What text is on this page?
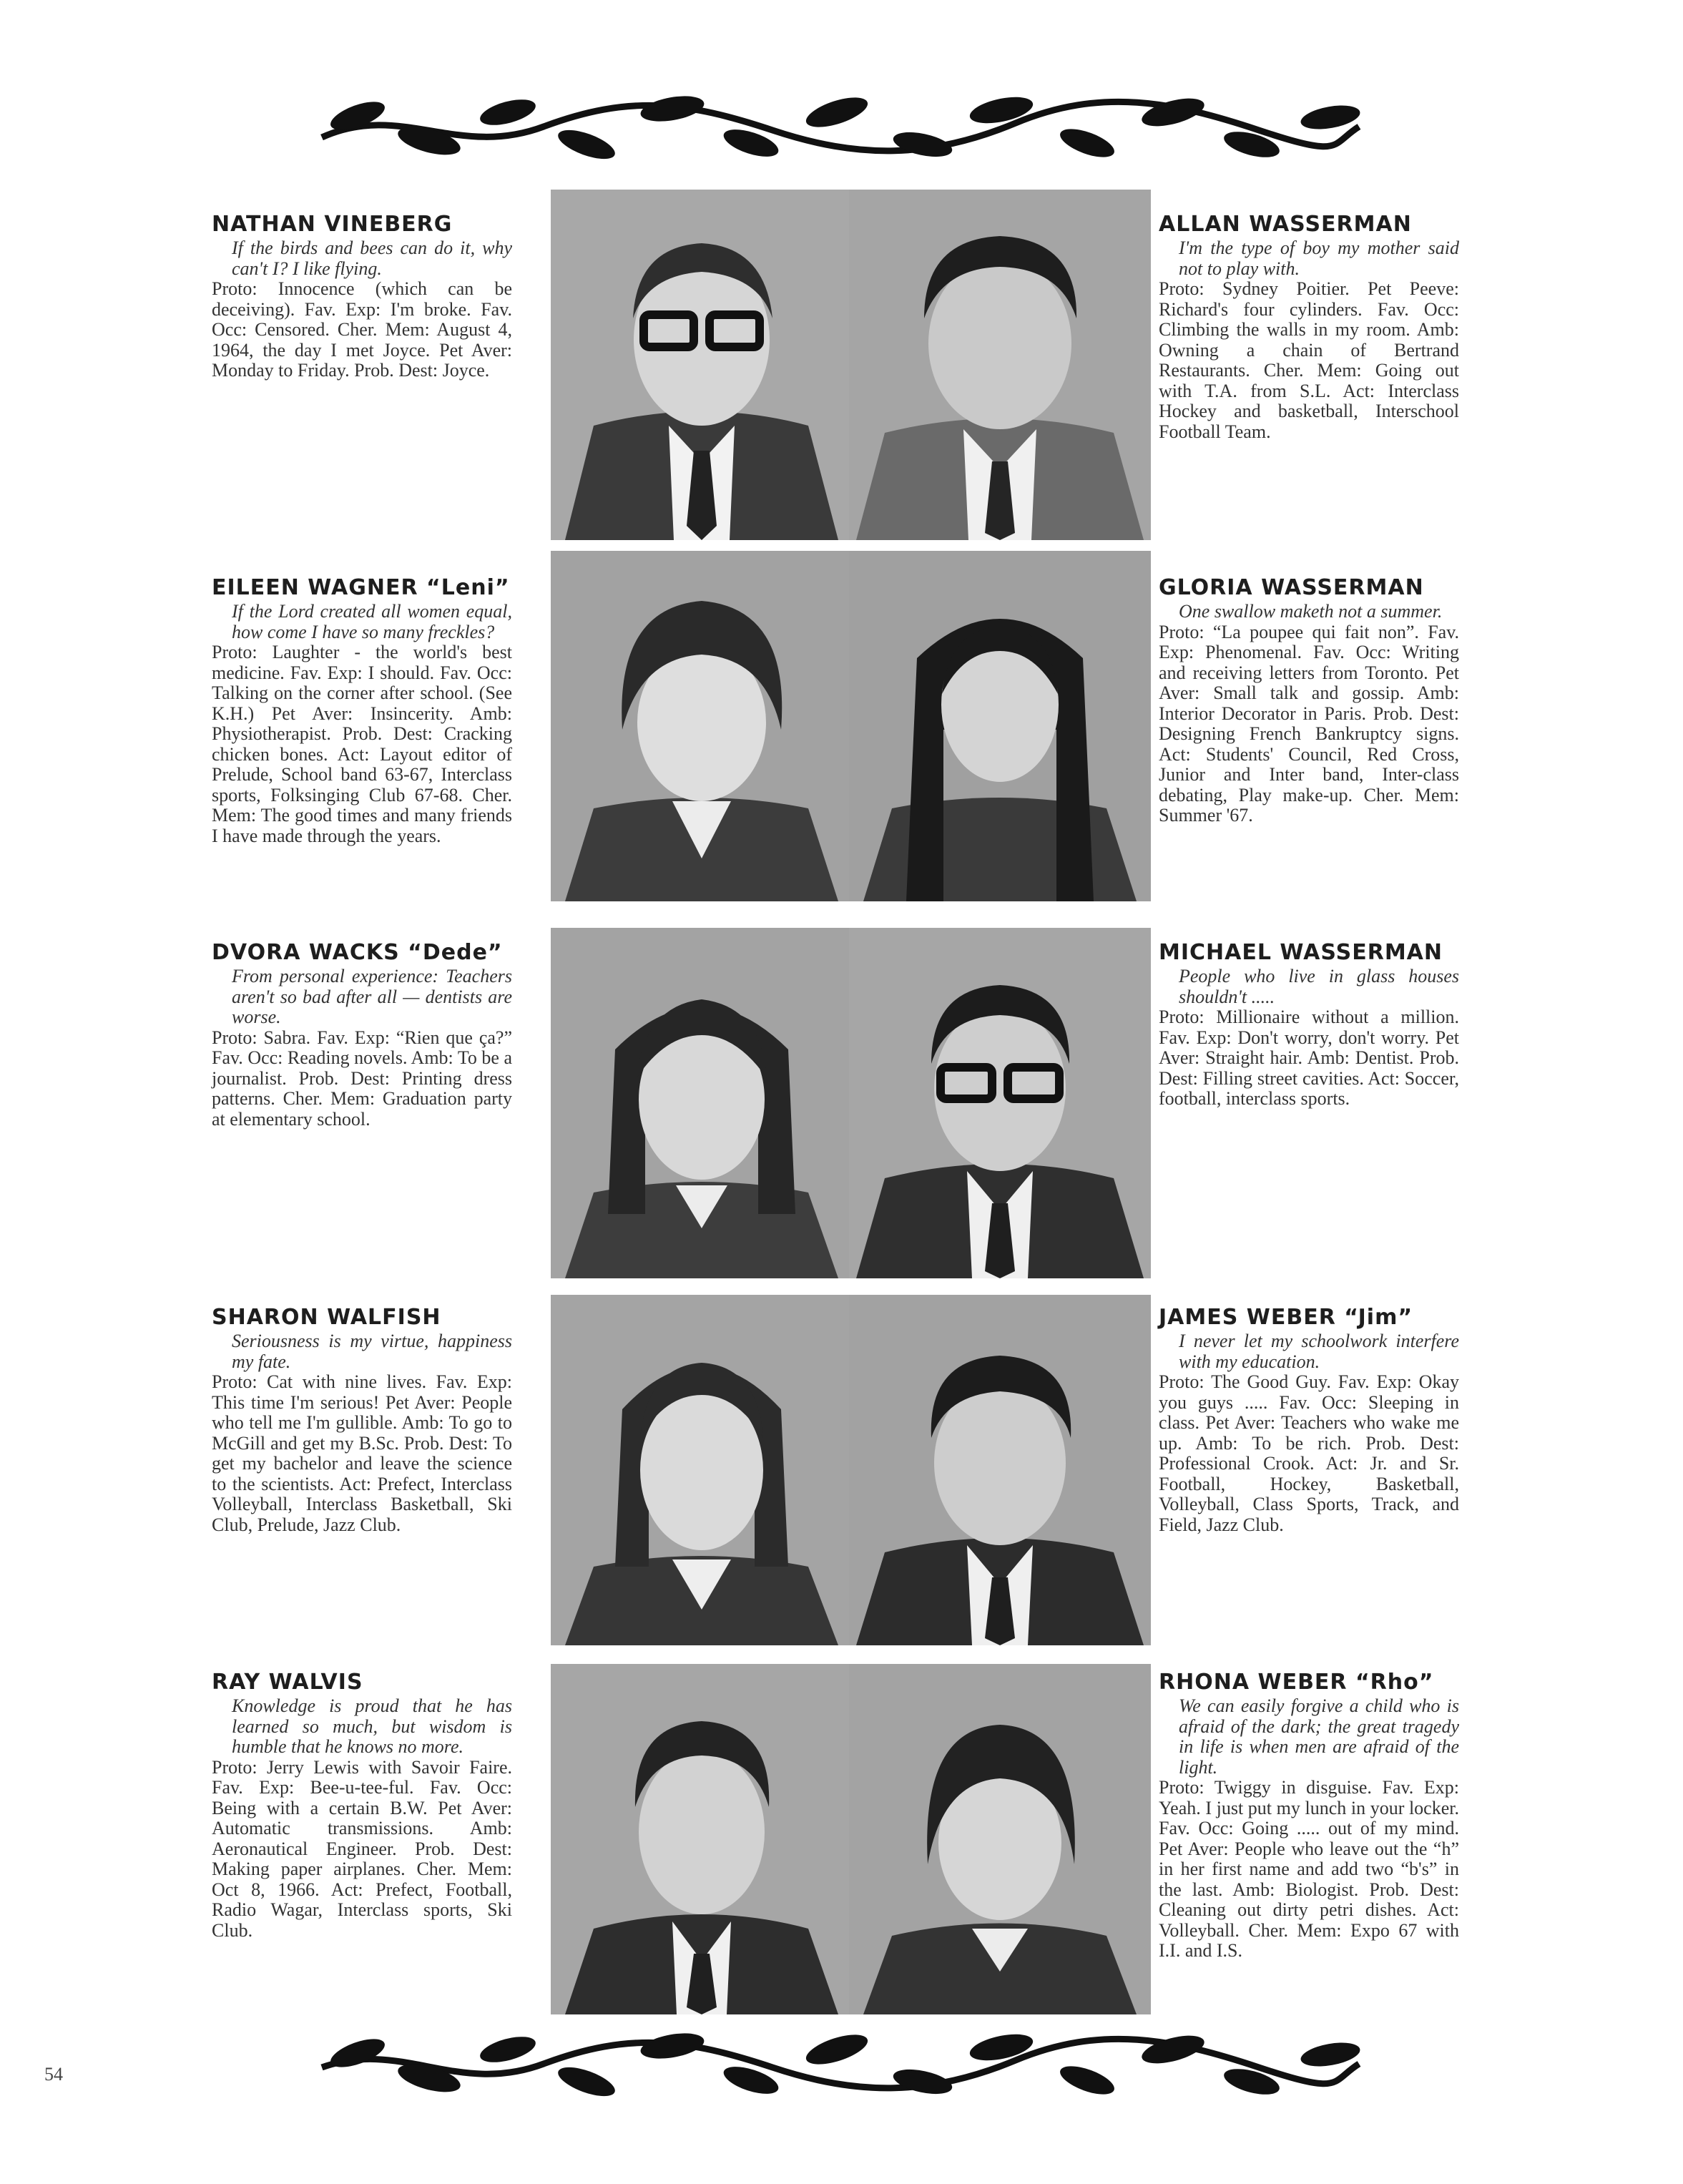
NATHAN VINEBERG
If the birds and bees can do it, why can't I? I like flying.
Proto: Innocence (which can be deceiving). Fav. Exp: I'm broke. Fav. Occ: Censored. Cher. Mem: August 4, 1964, the day I met Joyce. Pet Aver: Monday to Friday. Prob. Dest: Joyce.
ALLAN WASSERMAN
I'm the type of boy my mother said not to play with.
Proto: Sydney Poitier. Pet Peeve: Richard's four cylinders. Fav. Occ: Climbing the walls in my room. Amb: Owning a chain of Bertrand Restaurants. Cher. Mem: Going out with T.A. from S.L. Act: Interclass Hockey and basketball, Interschool Football Team.
EILEEN WAGNER “Leni”
If the Lord created all women equal, how come I have so many freckles?
Proto: Laughter - the world's best medicine. Fav. Exp: I should. Fav. Occ: Talking on the corner after school. (See K.H.) Pet Aver: Insincerity. Amb: Physiotherapist. Prob. Dest: Cracking chicken bones. Act: Layout editor of Prelude, School band 63-67, Interclass sports, Folksinging Club 67-68. Cher. Mem: The good times and many friends I have made through the years.
GLORIA WASSERMAN
One swallow maketh not a summer.
Proto: “La poupee qui fait non”. Fav. Exp: Phenomenal. Fav. Occ: Writing and receiving letters from Toronto. Pet Aver: Small talk and gossip. Amb: Interior Decorator in Paris. Prob. Dest: Designing French Bankruptcy signs. Act: Students' Council, Red Cross, Junior and Inter band, Inter-class debating, Play make-up. Cher. Mem: Summer '67.
DVORA WACKS “Dede”
From personal experience: Teachers aren't so bad after all — dentists are worse.
Proto: Sabra. Fav. Exp: “Rien que ça?” Fav. Occ: Reading novels. Amb: To be a journalist. Prob. Dest: Printing dress patterns. Cher. Mem: Graduation party at elementary school.
MICHAEL WASSERMAN
People who live in glass houses shouldn't .....
Proto: Millionaire without a million. Fav. Exp: Don't worry, don't worry. Pet Aver: Straight hair. Amb: Dentist. Prob. Dest: Filling street cavities. Act: Soccer, football, interclass sports.
SHARON WALFISH
Seriousness is my virtue, happiness my fate.
Proto: Cat with nine lives. Fav. Exp: This time I'm serious! Pet Aver: People who tell me I'm gullible. Amb: To go to McGill and get my B.Sc. Prob. Dest: To get my bachelor and leave the science to the scientists. Act: Prefect, Interclass Volleyball, Interclass Basketball, Ski Club, Prelude, Jazz Club.
JAMES WEBER “Jim”
I never let my schoolwork interfere with my education.
Proto: The Good Guy. Fav. Exp: Okay you guys ..... Fav. Occ: Sleeping in class. Pet Aver: Teachers who wake me up. Amb: To be rich. Prob. Dest: Professional Crook. Act: Jr. and Sr. Football, Hockey, Basketball, Volleyball, Class Sports, Track, and Field, Jazz Club.
RAY WALVIS
Knowledge is proud that he has learned so much, but wisdom is humble that he knows no more.
Proto: Jerry Lewis with Savoir Faire. Fav. Exp: Bee-u-tee-ful. Fav. Occ: Being with a certain B.W. Pet Aver: Automatic transmissions. Amb: Aeronautical Engineer. Prob. Dest: Making paper airplanes. Cher. Mem: Oct 8, 1966. Act: Prefect, Football, Radio Wagar, Interclass sports, Ski Club.
RHONA WEBER “Rho”
We can easily forgive a child who is afraid of the dark; the great tragedy in life is when men are afraid of the light.
Proto: Twiggy in disguise. Fav. Exp: Yeah. I just put my lunch in your locker. Fav. Occ: Going ..... out of my mind. Pet Aver: People who leave out the “h” in her first name and add two “b's” in the last. Amb: Biologist. Prob. Dest: Cleaning out dirty petri dishes. Act: Volleyball. Cher. Mem: Expo 67 with I.I. and I.S.
54
